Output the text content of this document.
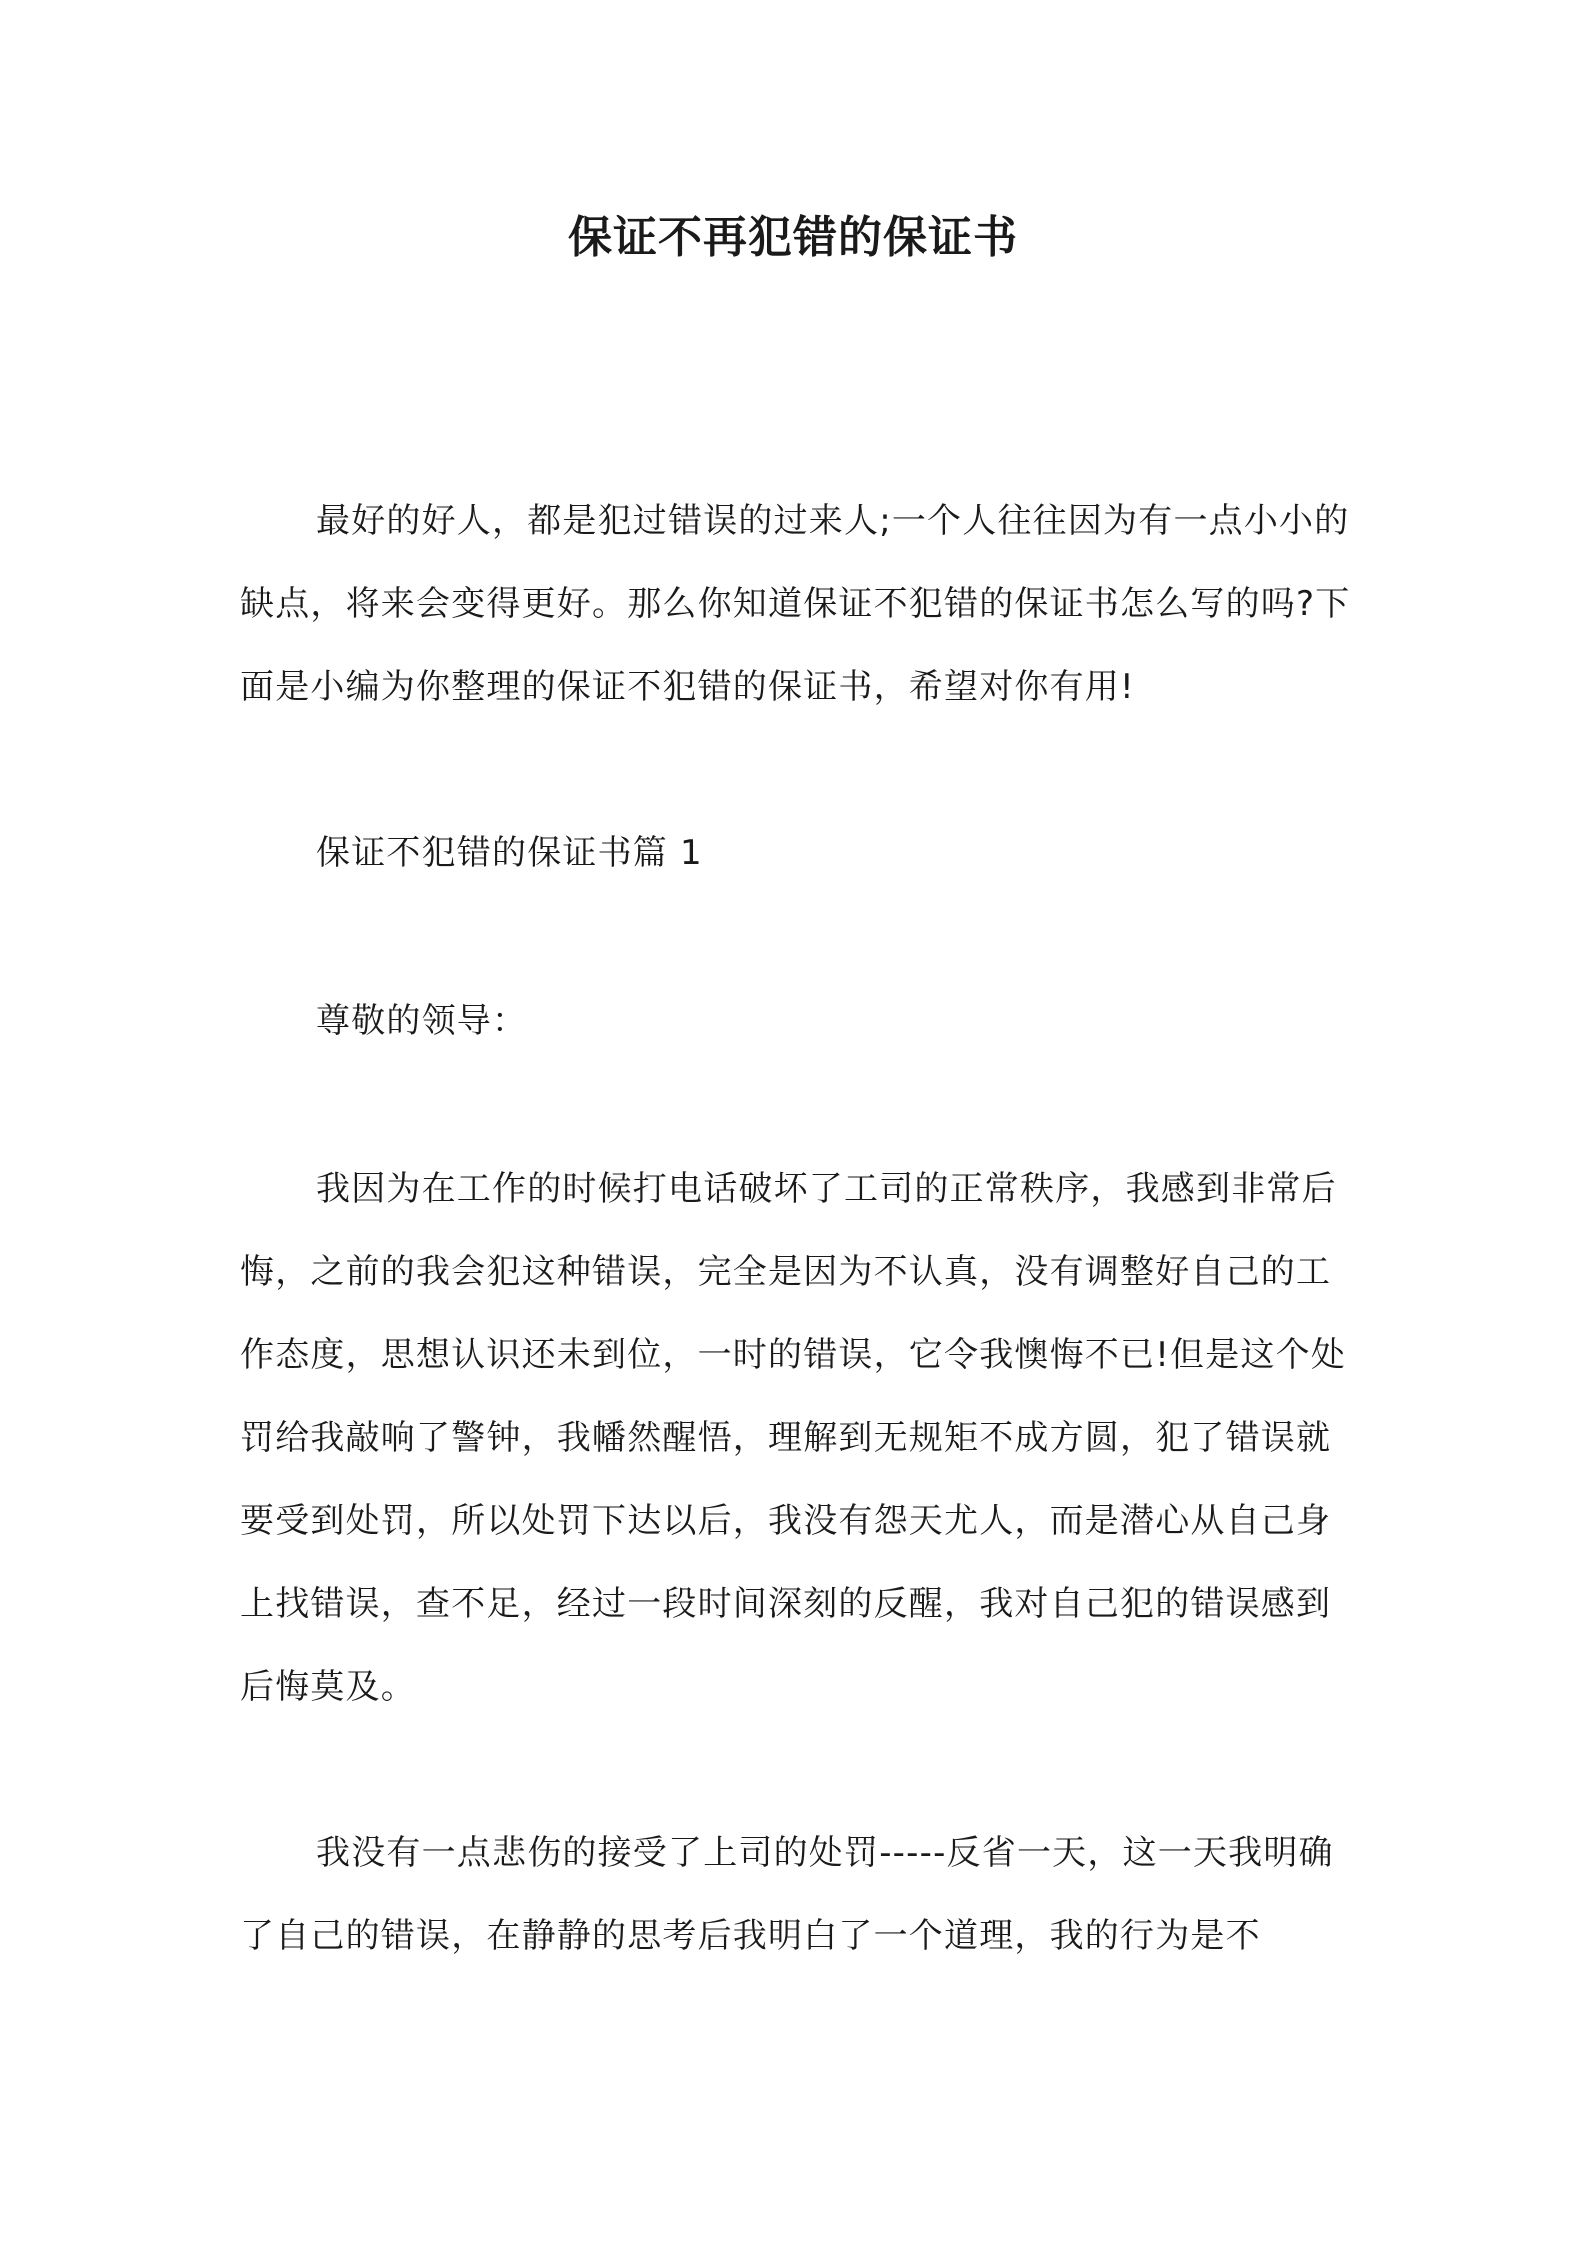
保证不再犯错的保证书

最好的好人，都是犯过错误的过来人;一个人往往因为有一点小小的缺点，将来会变得更好。那么你知道保证不犯错的保证书怎么写的吗?下面是小编为你整理的保证不犯错的保证书，希望对你有用!

保证不犯错的保证书篇 1

尊敬的领导：

我因为在工作的时候打电话破坏了工司的正常秩序，我感到非常后悔，之前的我会犯这种错误，完全是因为不认真，没有调整好自己的工作态度，思想认识还未到位，一时的错误，它令我懊悔不已!但是这个处罚给我敲响了警钟，我幡然醒悟，理解到无规矩不成方圆，犯了错误就要受到处罚，所以处罚下达以后，我没有怨天尤人，而是潜心从自己身上找错误，查不足，经过一段时间深刻的反醒，我对自己犯的错误感到后悔莫及。

我没有一点悲伤的接受了上司的处罚-----反省一天，这一天我明确了自己的错误，在静静的思考后我明白了一个道理，我的行为是不
